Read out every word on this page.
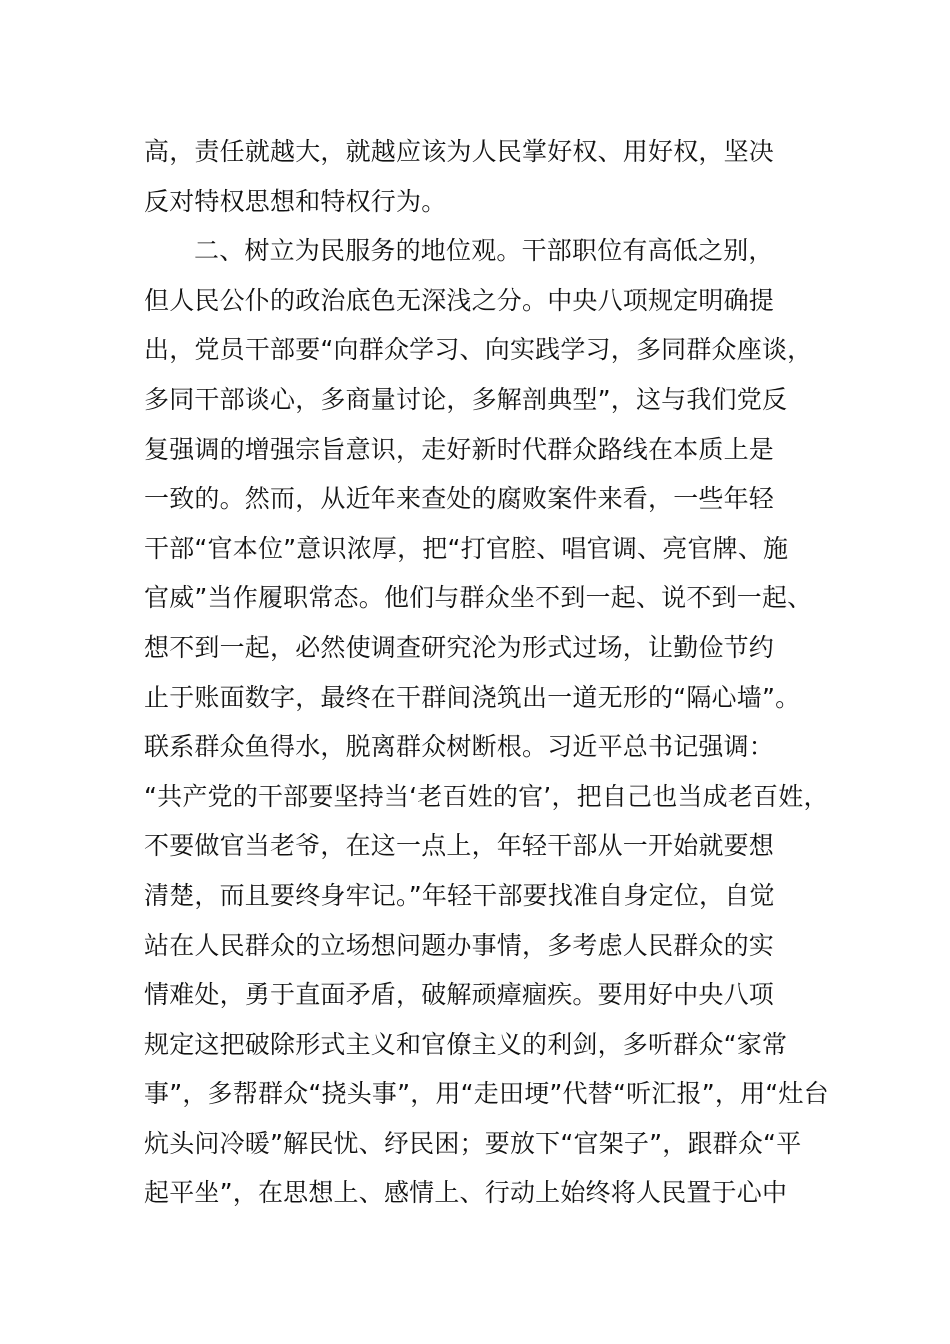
高，责任就越大，就越应该为人民掌好权、用好权，坚决
反对特权思想和特权行为。
二、树立为民服务的地位观。干部职位有高低之别，
但人民公仆的政治底色无深浅之分。中央八项规定明确提
出，党员干部要“向群众学习、向实践学习，多同群众座谈，
多同干部谈心，多商量讨论，多解剖典型”，这与我们党反
复强调的增强宗旨意识，走好新时代群众路线在本质上是
一致的。然而，从近年来查处的腐败案件来看，一些年轻
干部“官本位”意识浓厚，把“打官腔、唱官调、亮官牌、施
官威”当作履职常态。他们与群众坐不到一起、说不到一起、
想不到一起，必然使调查研究沦为形式过场，让勤俭节约
止于账面数字，最终在干群间浇筑出一道无形的“隔心墙”。
联系群众鱼得水，脱离群众树断根。习近平总书记强调：
“共产党的干部要坚持当‘老百姓的官’，把自己也当成老百姓，
不要做官当老爷，在这一点上，年轻干部从一开始就要想
清楚，而且要终身牢记。”年轻干部要找准自身定位，自觉
站在人民群众的立场想问题办事情，多考虑人民群众的实
情难处，勇于直面矛盾，破解顽瘴痼疾。要用好中央八项
规定这把破除形式主义和官僚主义的利剑，多听群众“家常
事”，多帮群众“挠头事”，用“走田埂”代替“听汇报”，用“灶台
炕头问冷暖”解民忧、纾民困；要放下“官架子”，跟群众“平
起平坐”，在思想上、感情上、行动上始终将人民置于心中
